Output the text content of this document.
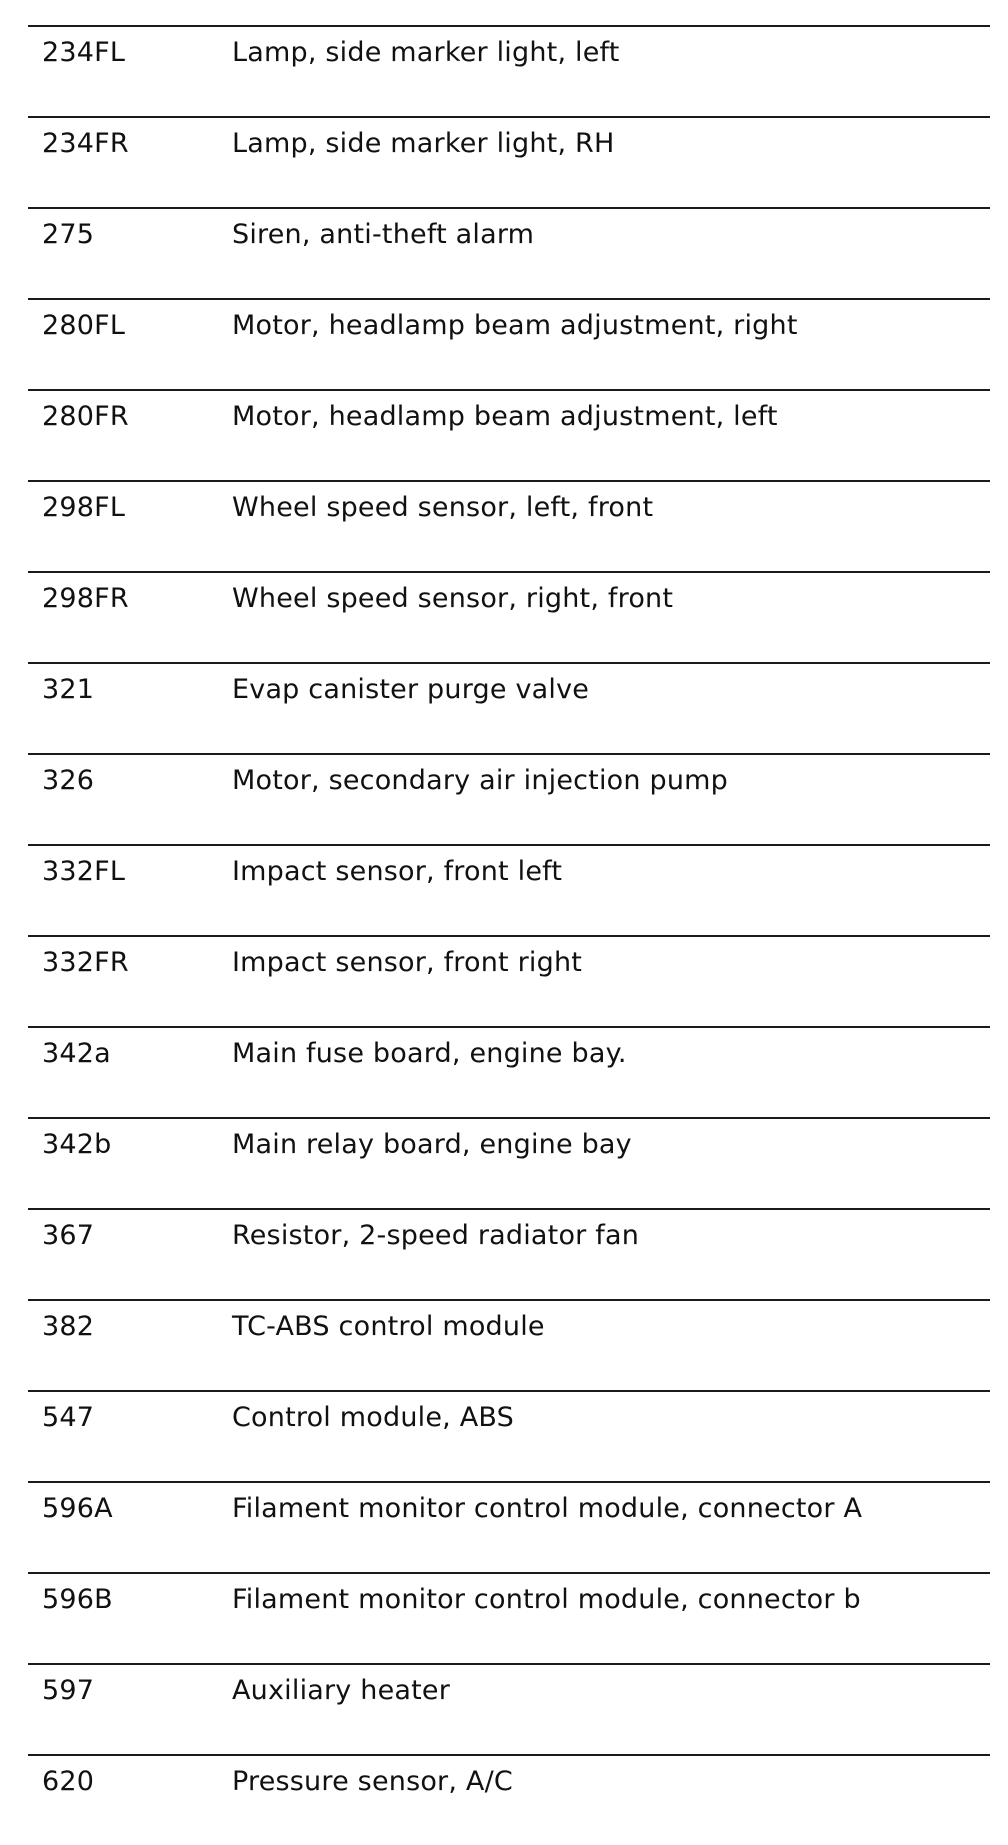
234FL	Lamp, side marker light, left
234FR	Lamp, side marker light, RH
275	Siren, anti-theft alarm
280FL	Motor, headlamp beam adjustment, right
280FR	Motor, headlamp beam adjustment, left
298FL	Wheel speed sensor, left, front
298FR	Wheel speed sensor, right, front
321	Evap canister purge valve
326	Motor, secondary air injection pump
332FL	Impact sensor, front left
332FR	Impact sensor, front right
342a	Main fuse board, engine bay.
342b	Main relay board, engine bay
367	Resistor, 2-speed radiator fan
382	TC-ABS control module
547	Control module, ABS
596A	Filament monitor control module, connector A
596B	Filament monitor control module, connector b
597	Auxiliary heater
620	Pressure sensor, A/C
